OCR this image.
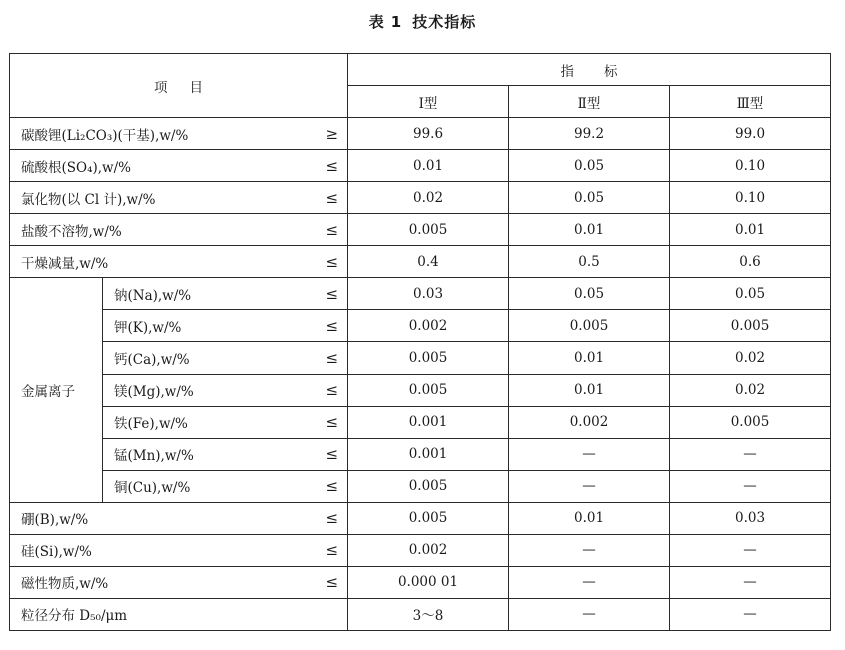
表 1 技术指标
项目			指标		
			Ⅰ型	Ⅱ型	Ⅲ型
碳酸锂(Li₂CO₃)(干基),w/%		≥	99.6	99.2	99.0
硫酸根(SO₄),w/%		≤	0.01	0.05	0.10
氯化物(以 Cl 计),w/%		≤	0.02	0.05	0.10
盐酸不溶物,w/%		≤	0.005	0.01	0.01
干燥减量,w/%		≤	0.4	0.5	0.6
金属离子	钠(Na),w/%	≤	0.03	0.05	0.05
	钾(K),w/%	≤	0.002	0.005	0.005
	钙(Ca),w/%	≤	0.005	0.01	0.02
	镁(Mg),w/%	≤	0.005	0.01	0.02
	铁(Fe),w/%	≤	0.001	0.002	0.005
	锰(Mn),w/%	≤	0.001	—	—
	铜(Cu),w/%	≤	0.005	—	—
硼(B),w/%		≤	0.005	0.01	0.03
硅(Si),w/%		≤	0.002	—	—
磁性物质,w/%		≤	0.000 01	—	—
粒径分布 D₅₀/μm			3～8	—	—
